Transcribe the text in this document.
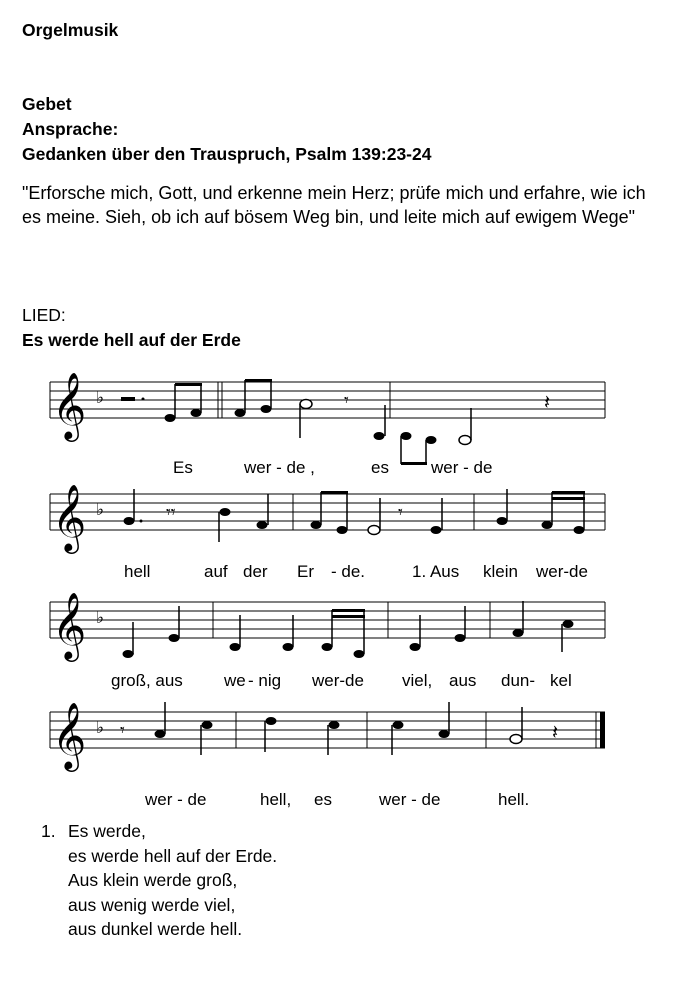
Orgelmusik
Gebet
Ansprache:
Gedanken über den Trauspruch, Psalm 139:23-24
"Erforsche mich, Gott, und erkenne mein Herz; prüfe mich und erfahre, wie ich es meine. Sieh, ob ich auf bösem Weg bin, und leite mich auf ewigem Wege"
LIED:
Es werde hell auf der Erde
𝄞 ♭	𝄾	𝄽
Es	wer - de ,	es wer - de
𝄞 ♭	𝄾𝄾	𝄾
hell	auf der Er - de.	1. Aus klein wer-de
𝄞 ♭
groß, aus we - nig wer-de viel, aus dun- kel
𝄞 ♭ 𝄾	𝄽
wer - de	hell, es	wer - de	hell.
1. Es werde,
es werde hell auf der Erde.
Aus klein werde groß,
aus wenig werde viel,
aus dunkel werde hell.
